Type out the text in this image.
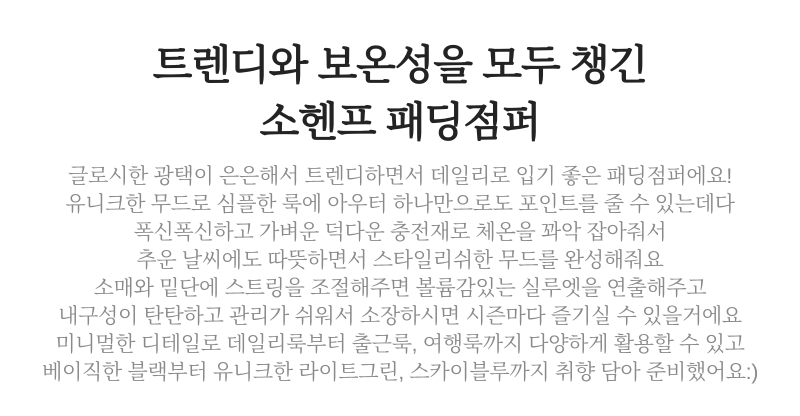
트렌디와 보온성을 모두 챙긴
소헨프 패딩점퍼

글로시한 광택이 은은해서 트렌디하면서 데일리로 입기 좋은 패딩점퍼에요!

유니크한 무드로 심플한 룩에 아우터 하나만으로도 포인트를 줄 수 있는데다

폭신폭신하고 가벼운 덕다운 충전재로 체온을 꽈악 잡아줘서

추운 날씨에도 따뜻하면서 스타일리쉬한 무드를 완성해줘요

소매와 밑단에 스트링을 조절해주면 볼륨감있는 실루엣을 연출해주고

내구성이 탄탄하고 관리가 쉬워서 소장하시면 시즌마다 즐기실 수 있을거에요

미니멀한 디테일로 데일리룩부터 출근룩, 여행룩까지 다양하게 활용할 수 있고

베이직한 블랙부터 유니크한 라이트그린, 스카이블루까지 취향 담아 준비했어요:)
